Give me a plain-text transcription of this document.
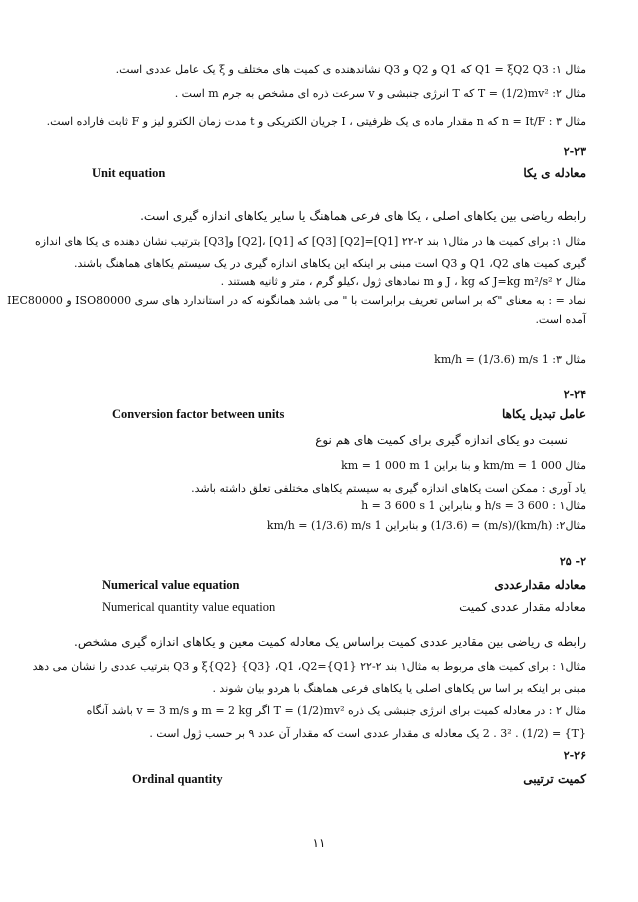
مثال ۱: Q1 = ξQ2 Q3 که Q1 و Q2 و Q3 نشاندهنده ی کمیت های مختلف و ξ یک عامل عددی است.
مثال ۲: T = (1/2)mv² که T انرژی جنبشی و v سرعت ذره ای مشخص به جرم m است .
مثال ۳ : n = It/F که n مقدار ماده ی یک ظرفیتی ، I جریان الکتریکی و t مدت زمان الکترو لیز و F ثابت فاراده است.
۲-۲۳
معادله ی یکا
Unit equation
رابطه ریاضی بین یکاهای اصلی ، یکا های فرعی هماهنگ یا سایر یکاهای اندازه گیری است.
مثال ۱: برای کمیت ها در مثال۱ بند ۲-۲۲ [Q1]=[Q2] [Q3] که [Q1] ،[Q2] و[Q3] بترتیب نشان دهنده ی یکا های اندازه
گیری کمیت های Q1 ،Q2 و Q3 است مبنی بر اینکه این یکاهای اندازه گیری در یک سیستم یکاهای هماهنگ باشند.
مثال ۲ J=kg m²/s² که J ، kg و m نمادهای ژول ،کیلو گرم ، متر و ثانیه هستند .
نماد = : به معنای "که بر اساس تعریف برابراست با " می باشد همانگونه که در استاندارد های سری ISO80000 و IEC80000
آمده است.
مثال ۳: 1 km/h = (1/3.6) m/s
۲-۲۴
عامل تبدیل یکاها
Conversion factor between units
نسبت دو یکای اندازه گیری برای کمیت های هم نوع
مثال km/m = 1 000 و بنا براین 1 km = 1 000 m
یاد آوری : ممکن است یکاهای اندازه گیری به سیستم یکاهای مختلفی تعلق داشته باشد.
مثال۱ : h/s = 3 600 و بنابراین 1 h = 3 600 s
مثال۲: (km/h)/(m/s) = (1/3.6) و بنابراین 1 km/h = (1/3.6) m/s
۲- ۲۵
معادله مقدارعددی
Numerical value equation
معادله مقدار عددی کمیت
Numerical quantity value equation
رابطه ی ریاضی بین مقادیر عددی کمیت براساس یک معادله کمیت معین و یکاهای اندازه گیری مشخص.
مثال۱ : برای کمیت های مربوط به مثال۱ بند ۲-۲۲ {Q1}=ξ{Q2} {Q3} ،Q1 ،Q2 و Q3 بترتیب عددی را نشان می دهد
مبنی بر اینکه بر اسا س یکاهای اصلی یا یکاهای فرعی هماهنگ با هردو بیان شوند .
مثال ۲ : در معادله کمیت برای انرژی جنبشی یک ذره T = (1/2)mv² اگر m = 2 kg و v = 3 m/s باشد آنگاه
{T} = (1/2) . 2 . 3² یک معادله ی مقدار عددی است که مقدار آن عدد ۹ بر حسب ژول است .
۲-۲۶
کمیت ترتیبی
Ordinal quantity
۱۱
